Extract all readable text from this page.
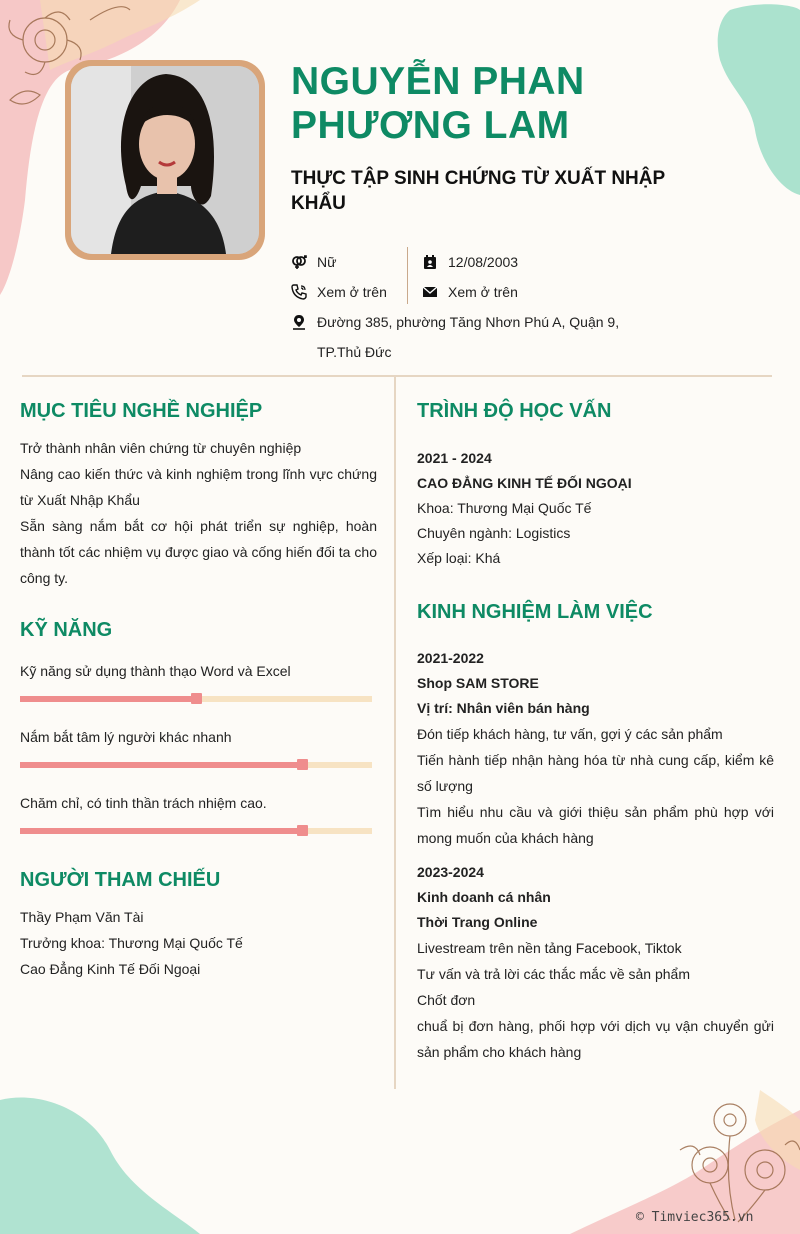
NGUYỄN PHAN
PHƯƠNG LAM
THỰC TẬP SINH CHỨNG TỪ XUẤT NHẬP KHẨU
Nữ	12/08/2003
Xem ở trên	Xem ở trên
Đường 385, phường Tăng Nhơn Phú A, Quận 9, TP.Thủ Đức
MỤC TIÊU NGHỀ NGHIỆP
Trở thành nhân viên chứng từ chuyên nghiệp
Nâng cao kiến thức và kinh nghiệm trong lĩnh vực chứng từ Xuất Nhập Khẩu
Sẵn sàng nắm bắt cơ hội phát triển sự nghiệp, hoàn thành tốt các nhiệm vụ được giao và cống hiến đối ta cho công ty.
KỸ NĂNG
Kỹ năng sử dụng thành thạo Word và Excel
Nắm bắt tâm lý người khác nhanh
Chăm chỉ, có tinh thần trách nhiệm cao.
NGƯỜI THAM CHIẾU
Thầy Phạm Văn Tài
Trưởng khoa: Thương Mại Quốc Tế
Cao Đẳng Kinh Tế Đối Ngoại
TRÌNH ĐỘ HỌC VẤN
2021 - 2024
CAO ĐẲNG KINH TẾ ĐỐI NGOẠI
Khoa: Thương Mại Quốc Tế
Chuyên ngành: Logistics
Xếp loại: Khá
KINH NGHIỆM LÀM VIỆC
2021-2022
Shop SAM STORE
Vị trí: Nhân viên bán hàng
Đón tiếp khách hàng, tư vấn, gợi ý các sản phẩm
Tiến hành tiếp nhận hàng hóa từ nhà cung cấp, kiểm kê số lượng
Tìm hiểu nhu cầu và giới thiệu sản phẩm phù hợp với mong muốn của khách hàng
2023-2024
Kinh doanh cá nhân
Thời Trang Online
Livestream trên nền tảng Facebook, Tiktok
Tư vấn và trả lời các thắc mắc về sản phẩm
Chốt đơn
chuẩ bị đơn hàng, phối hợp với dịch vụ vận chuyển gửi sản phẩm cho khách hàng
© Timviec365.vn
